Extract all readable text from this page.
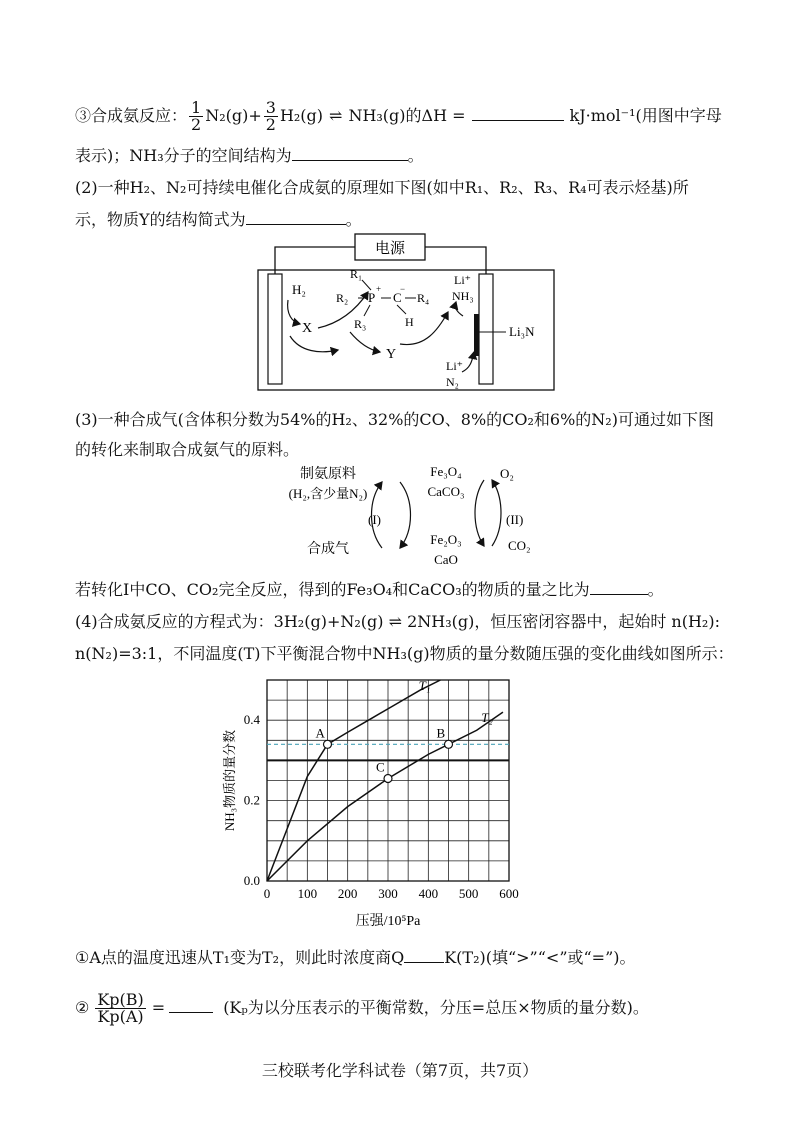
③合成氨反应： $\frac{1}{2} N_2(g)+ \frac{3}{2} H_2(g)$ ⇌ NH₃(g)的ΔH =	kJ·mol⁻¹(用图中字母
表示)；NH₃分子的空间结构为	。
(2)一种H₂、N₂可持续电催化合成氨的原理如下图(如中R₁、R₂、R₃、R₄可表示烃基)所
示，物质Y的结构简式为	。
电源
H₂
X
Y
R₁
R₂
R₃
P
+
C
−
R₄
H
Li⁺
NH₃
Li₃N
Li⁺
N₂
(3)一种合成气(含体积分数为54%的H₂、32%的CO、8%的CO₂和6%的N₂)可通过如下图
的转化来制取合成氨气的原料。
制氨原料
(H₂,含少量N₂)
合成气
(I)
Fe₃O₄
CaCO₃
Fe₂O₃
CaO
(II)
O₂
CO₂
若转化I中CO、CO₂完全反应，得到的Fe₃O₄和CaCO₃的物质的量之比为	。
(4)合成氨反应的方程式为：3H₂(g)+N₂(g) ⇌ 2NH₃(g)，恒压密闭容器中，起始时 n(H₂):
n(N₂)=3:1，不同温度(T)下平衡混合物中NH₃(g)物质的量分数随压强的变化曲线如图所示：
0 100 200 300 400 500 600
0.0
0.2
0.4
压强/10⁵Pa
NH₃物质的量分数
T₁
T₂
A	B
C
①A点的温度迅速从T₁变为T₂，则此时浓度商Q	K(T₂)(填“>”“<”或“=”)。
② $\frac{Kp(B)}{Kp(A)}$ =	(Kₚ为以分压表示的平衡常数，分压=总压×物质的量分数)。
三校联考化学科试卷（第7页，共7页）
